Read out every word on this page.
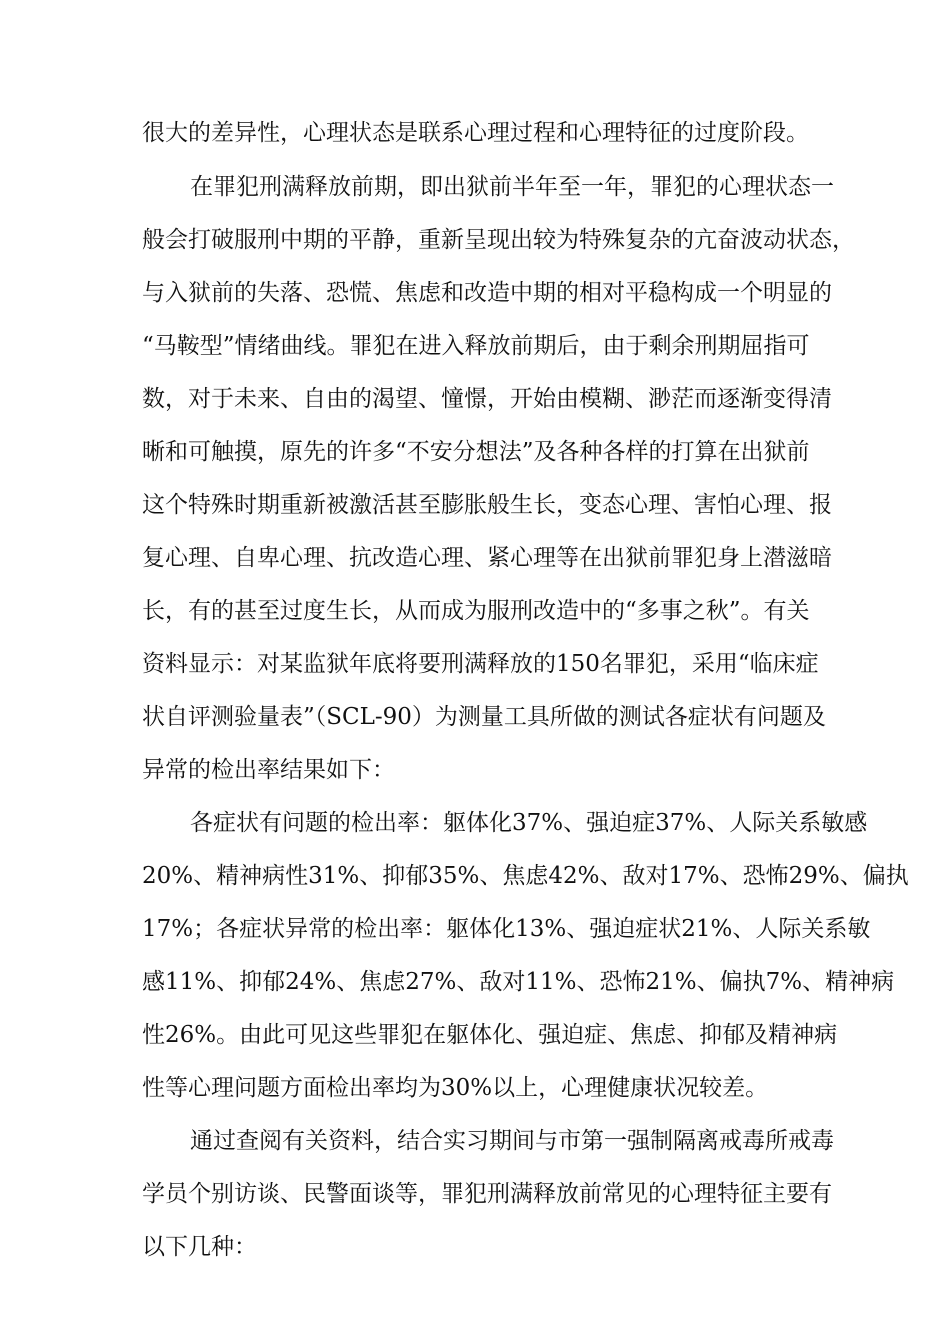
很大的差异性，心理状态是联系心理过程和心理特征的过度阶段。
在罪犯刑满释放前期，即出狱前半年至一年，罪犯的心理状态一
般会打破服刑中期的平静，重新呈现出较为特殊复杂的亢奋波动状态，
与入狱前的失落、恐慌、焦虑和改造中期的相对平稳构成一个明显的
“马鞍型”情绪曲线。罪犯在进入释放前期后，由于剩余刑期屈指可
数，对于未来、自由的渴望、憧憬，开始由模糊、渺茫而逐渐变得清
晰和可触摸，原先的许多“不安分想法”及各种各样的打算在出狱前
这个特殊时期重新被激活甚至膨胀般生长，变态心理、害怕心理、报
复心理、自卑心理、抗改造心理、紧心理等在出狱前罪犯身上潜滋暗
长，有的甚至过度生长，从而成为服刑改造中的“多事之秋”。有关
资料显示：对某监狱年底将要刑满释放的150名罪犯，采用“临床症
状自评测验量表”（SCL-90）为测量工具所做的测试各症状有问题及
异常的检出率结果如下：
各症状有问题的检出率：躯体化37%、强迫症37%、人际关系敏感
20%、精神病性31%、抑郁35%、焦虑42%、敌对17%、恐怖29%、偏执
17%；各症状异常的检出率：躯体化13%、强迫症状21%、人际关系敏
感11%、抑郁24%、焦虑27%、敌对11%、恐怖21%、偏执7%、精神病
性26%。由此可见这些罪犯在躯体化、强迫症、焦虑、抑郁及精神病
性等心理问题方面检出率均为30%以上，心理健康状况较差。
通过查阅有关资料，结合实习期间与市第一强制隔离戒毒所戒毒
学员个别访谈、民警面谈等，罪犯刑满释放前常见的心理特征主要有
以下几种：
